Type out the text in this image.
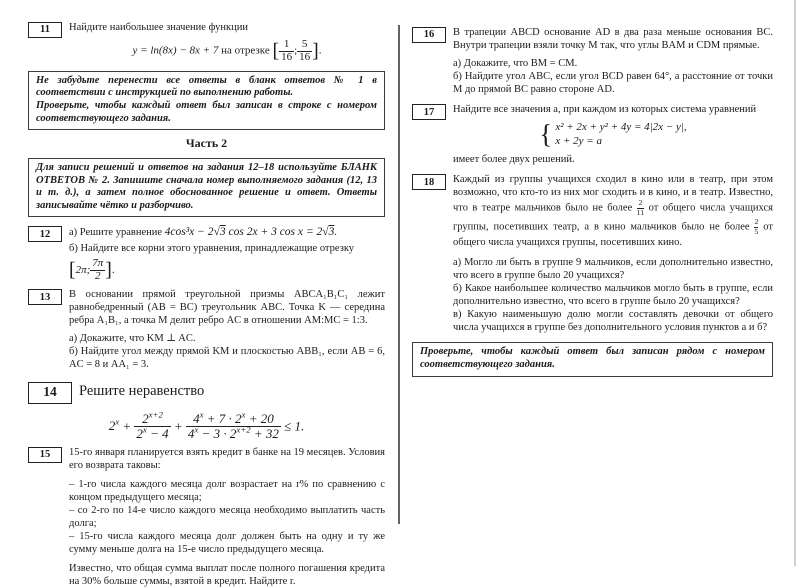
11 Найдите наибольшее значение функции

y = ln(8x) − 8x + 7 на отрезке [ $\frac{1}{16}$ ; $\frac{5}{16}$ ].

Не забудьте перенести все ответы в бланк ответов № 1 в соответствии с инструкцией по выполнению работы.

Проверьте, чтобы каждый ответ был записан в строке с номером соответствующего задания.

Часть 2

Для записи решений и ответов на задания 12–18 используйте БЛАНК ОТВЕТОВ № 2. Запишите сначала номер выполняемого задания (12, 13 и т. д.), а затем полное обоснованное решение и ответ. Ответы записывайте чётко и разборчиво.

12 а) Решите уравнение 4cos³x − 2√3 cos 2x + 3 cos x = 2√3.

б) Найдите все корни этого уравнения, принадлежащие отрезку

[2π; $\frac{7\pi}{2}$ ].
13 В основании прямой треугольной призмы ABCA₁B₁C₁ лежит равнобедренный (AB = BC) треугольник ABC. Точка K — середина ребра A₁B₁, а точка M делит ребро AC в отношении AM:MC = 1:3.

а) Докажите, что KM ⊥ AC.

б) Найдите угол между прямой KM и плоскостью ABB₁, если AB = 6, AC = 8 и AA₁ = 3.

14 Решите неравенство

$2^x + \frac{2^{x+2}}{2^x - 4} + \frac{4^x + 7 \cdot 2^x + 20}{4^x - 3 \cdot 2^{x+2} + 32} \le 1$.
15 15-го января планируется взять кредит в банке на 19 месяцев. Условия его возврата таковы:

– 1-го числа каждого месяца долг возрастает на r% по сравнению с концом предыдущего месяца;

– со 2-го по 14-е число каждого месяца необходимо выплатить часть долга;

– 15-го числа каждого месяца долг должен быть на одну и ту же сумму меньше долга на 15-е число предыдущего месяца.

Известно, что общая сумма выплат после полного погашения кредита на 30% больше суммы, взятой в кредит. Найдите r.

16 В трапеции ABCD основание AD в два раза меньше основания BC. Внутри трапеции взяли точку M так, что углы BAM и CDM прямые.

а) Докажите, что BM = CM.

б) Найдите угол ABC, если угол BCD равен 64°, а расстояние от точки M до прямой BC равно стороне AD.

17 Найдите все значения a, при каждом из которых система уравнений

{ x² + 2x + y² + 4y = 4|2x − y|,
x + 2y = a

имеет более двух решений.

18 Каждый из группы учащихся сходил в кино или в театр, при этом возможно, что кто-то из них мог сходить и в кино, и в театр. Известно, что в театре мальчиков было не более $\frac{2}{11}$ от общего числа учащихся группы, посетивших театр, а в кино мальчиков было не более $\frac{2}{5}$ от общего числа учащихся группы, посетивших кино.

а) Могло ли быть в группе 9 мальчиков, если дополнительно известно, что всего в группе было 20 учащихся?

б) Какое наибольшее количество мальчиков могло быть в группе, если дополнительно известно, что всего в группе было 20 учащихся?

в) Какую наименьшую долю могли составлять девочки от общего числа учащихся в группе без дополнительного условия пунктов а и б?

Проверьте, чтобы каждый ответ был записан рядом с номером соответствующего задания.
